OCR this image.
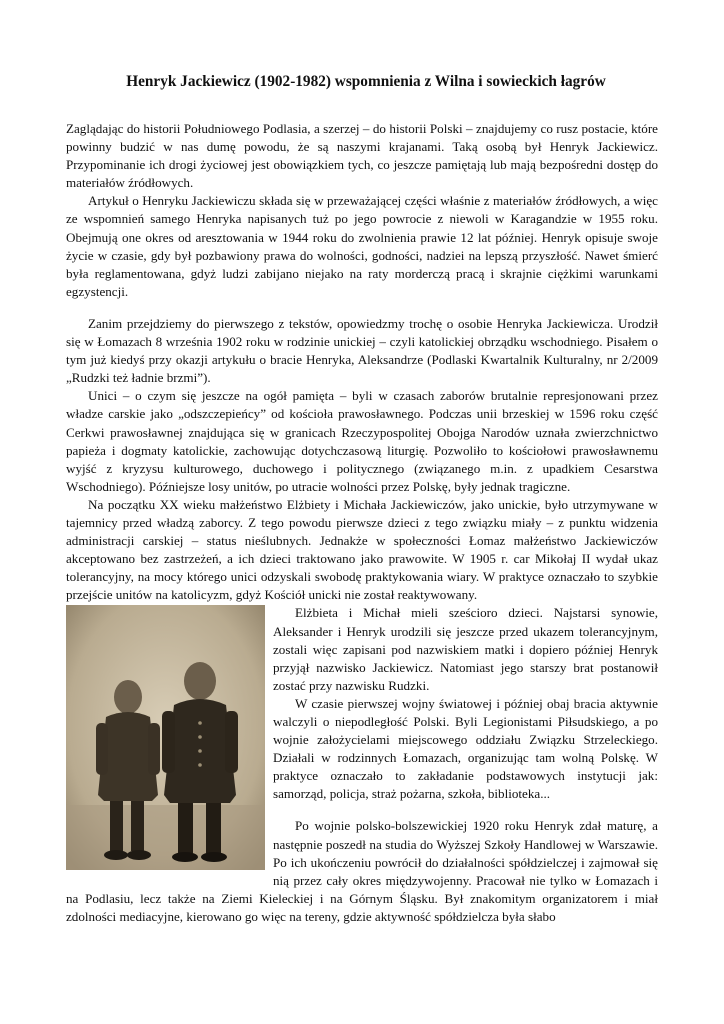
Henryk Jackiewicz (1902-1982) wspomnienia z Wilna i sowieckich łagrów

Zaglądając do historii Południowego Podlasia, a szerzej – do historii Polski – znajdujemy co rusz postacie, które powinny budzić w nas dumę powodu, że są naszymi krajanami. Taką osobą był Henryk Jackiewicz. Przypominanie ich drogi życiowej jest obowiązkiem tych, co jeszcze pamiętają lub mają bezpośredni dostęp do materiałów źródłowych.

Artykuł o Henryku Jackiewiczu składa się w przeważającej części właśnie z materiałów źródłowych, a więc ze wspomnień samego Henryka napisanych tuż po jego powrocie z niewoli w Karagandzie w 1955 roku. Obejmują one okres od aresztowania w 1944 roku do zwolnienia prawie 12 lat później. Henryk opisuje swoje życie w czasie, gdy był pozbawiony prawa do wolności, godności, nadziei na lepszą przyszłość. Nawet śmierć była reglamentowana, gdyż ludzi zabijano niejako na raty morderczą pracą i skrajnie ciężkimi warunkami egzystencji.

Zanim przejdziemy do pierwszego z tekstów, opowiedzmy trochę o osobie Henryka Jackiewicza. Urodził się w Łomazach 8 września 1902 roku w rodzinie unickiej – czyli katolickiej obrządku wschodniego. Pisałem o tym już kiedyś przy okazji artykułu o bracie Henryka, Aleksandrze (Podlaski Kwartalnik Kulturalny, nr 2/2009 „Rudzki też ładnie brzmi”).

Unici – o czym się jeszcze na ogół pamięta – byli w czasach zaborów brutalnie represjonowani przez władze carskie jako „odszczepieńcy” od kościoła prawosławnego. Podczas unii brzeskiej w 1596 roku część Cerkwi prawosławnej znajdująca się w granicach Rzeczypospolitej Obojga Narodów uznała zwierzchnictwo papieża i dogmaty katolickie, zachowując dotychczasową liturgię. Pozwoliło to kościołowi prawosławnemu wyjść z kryzysu kulturowego, duchowego i politycznego (związanego m.in. z upadkiem Cesarstwa Wschodniego). Późniejsze losy unitów, po utracie wolności przez Polskę, były jednak tragiczne.

Na początku XX wieku małżeństwo Elżbiety i Michała Jackiewiczów, jako unickie, było utrzymywane w tajemnicy przed władzą zaborcy. Z tego powodu pierwsze dzieci z tego związku miały – z punktu widzenia administracji carskiej – status nieślubnych. Jednakże w społeczności Łomaz małżeństwo Jackiewiczów akceptowano bez zastrzeżeń, a ich dzieci traktowano jako prawowite. W 1905 r. car Mikołaj II wydał ukaz tolerancyjny, na mocy którego unici odzyskali swobodę praktykowania wiary. W praktyce oznaczało to szybkie przejście unitów na katolicyzm, gdyż Kościół unicki nie został reaktywowany.

Elżbieta i Michał mieli sześcioro dzieci. Najstarsi synowie, Aleksander i Henryk urodzili się jeszcze przed ukazem tolerancyjnym, zostali więc zapisani pod nazwiskiem matki i dopiero później Henryk przyjął nazwisko Jackiewicz. Natomiast jego starszy brat postanowił zostać przy nazwisku Rudzki.

W czasie pierwszej wojny światowej i później obaj bracia aktywnie walczyli o niepodległość Polski. Byli Legionistami Piłsudskiego, a po wojnie założycielami miejscowego oddziału Związku Strzeleckiego. Działali w rodzinnych Łomazach, organizując tam wolną Polskę. W praktyce oznaczało to zakładanie podstawowych instytucji jak: samorząd, policja, straż pożarna, szkoła, biblioteka...

Po wojnie polsko-bolszewickiej 1920 roku Henryk zdał maturę, a następnie poszedł na studia do Wyższej Szkoły Handlowej w Warszawie. Po ich ukończeniu powrócił do działalności spółdzielczej i zajmował się nią przez cały okres międzywojenny. Pracował nie tylko w Łomazach i na Podlasiu, lecz także na Ziemi Kieleckiej i na Górnym Śląsku. Był znakomitym organizatorem i miał zdolności mediacyjne, kierowano go więc na tereny, gdzie aktywność spółdzielcza była słabo
